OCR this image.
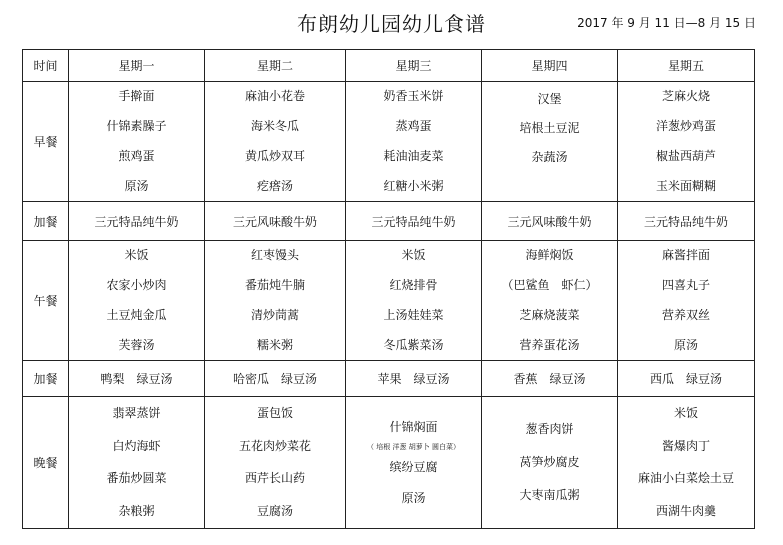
布朗幼儿园幼儿食谱	2017 年 9 月 11 日—8 月 15 日
时间	星期一	星期二	星期三	星期四	星期五
早餐	手擀面
什锦素臊子
煎鸡蛋
原汤	麻油小花卷
海米冬瓜
黄瓜炒双耳
疙瘩汤	奶香玉米饼
蒸鸡蛋
耗油油麦菜
红糖小米粥	汉堡
培根土豆泥
杂蔬汤	芝麻火烧
洋葱炒鸡蛋
椒盐西葫芦
玉米面糊糊

加餐	三元特品纯牛奶	三元风味酸牛奶	三元特品纯牛奶	三元风味酸牛奶	三元特品纯牛奶
午餐	米饭
农家小炒肉
土豆炖金瓜
芙蓉汤	红枣馒头
番茄炖牛腩
清炒茼蒿
糯米粥	米饭
红烧排骨
上汤娃娃菜
冬瓜紫菜汤	海鲜焖饭
（巴鲨鱼　虾仁）
芝麻烧菠菜
营养蛋花汤	麻酱拌面
四喜丸子
营养双丝
原汤

加餐	鸭梨　绿豆汤	哈密瓜　绿豆汤	苹果　绿豆汤	香蕉　绿豆汤	西瓜　绿豆汤
晚餐	翡翠蒸饼
白灼海虾
番茄炒圆菜
杂粮粥	蛋包饭
五花肉炒菜花
西芹长山药
豆腐汤	什锦焖面
（ 培根 洋葱 胡萝卜 圆白菜）
缤纷豆腐
原汤	葱香肉饼
莴笋炒腐皮
大枣南瓜粥	米饭
酱爆肉丁
麻油小白菜烩土豆
西湖牛肉羹
